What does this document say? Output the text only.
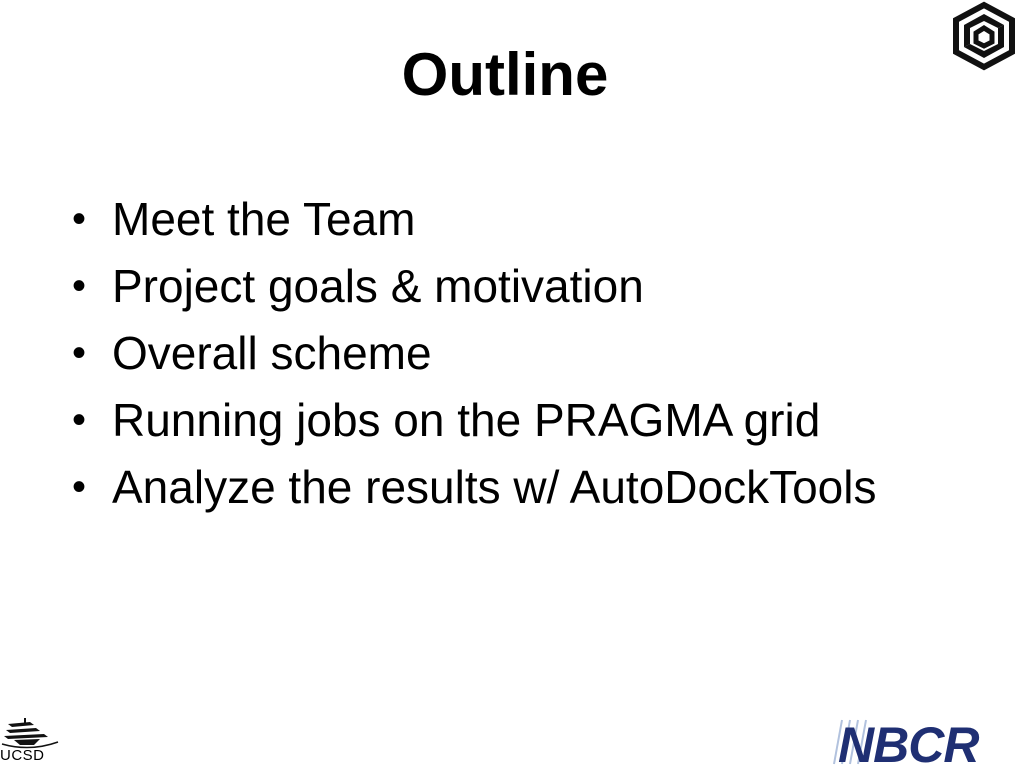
Outline
• Meet the Team
• Project goals & motivation
• Overall scheme
• Running jobs on the PRAGMA grid
• Analyze the results w/ AutoDockTools
UCSD	NBCR
